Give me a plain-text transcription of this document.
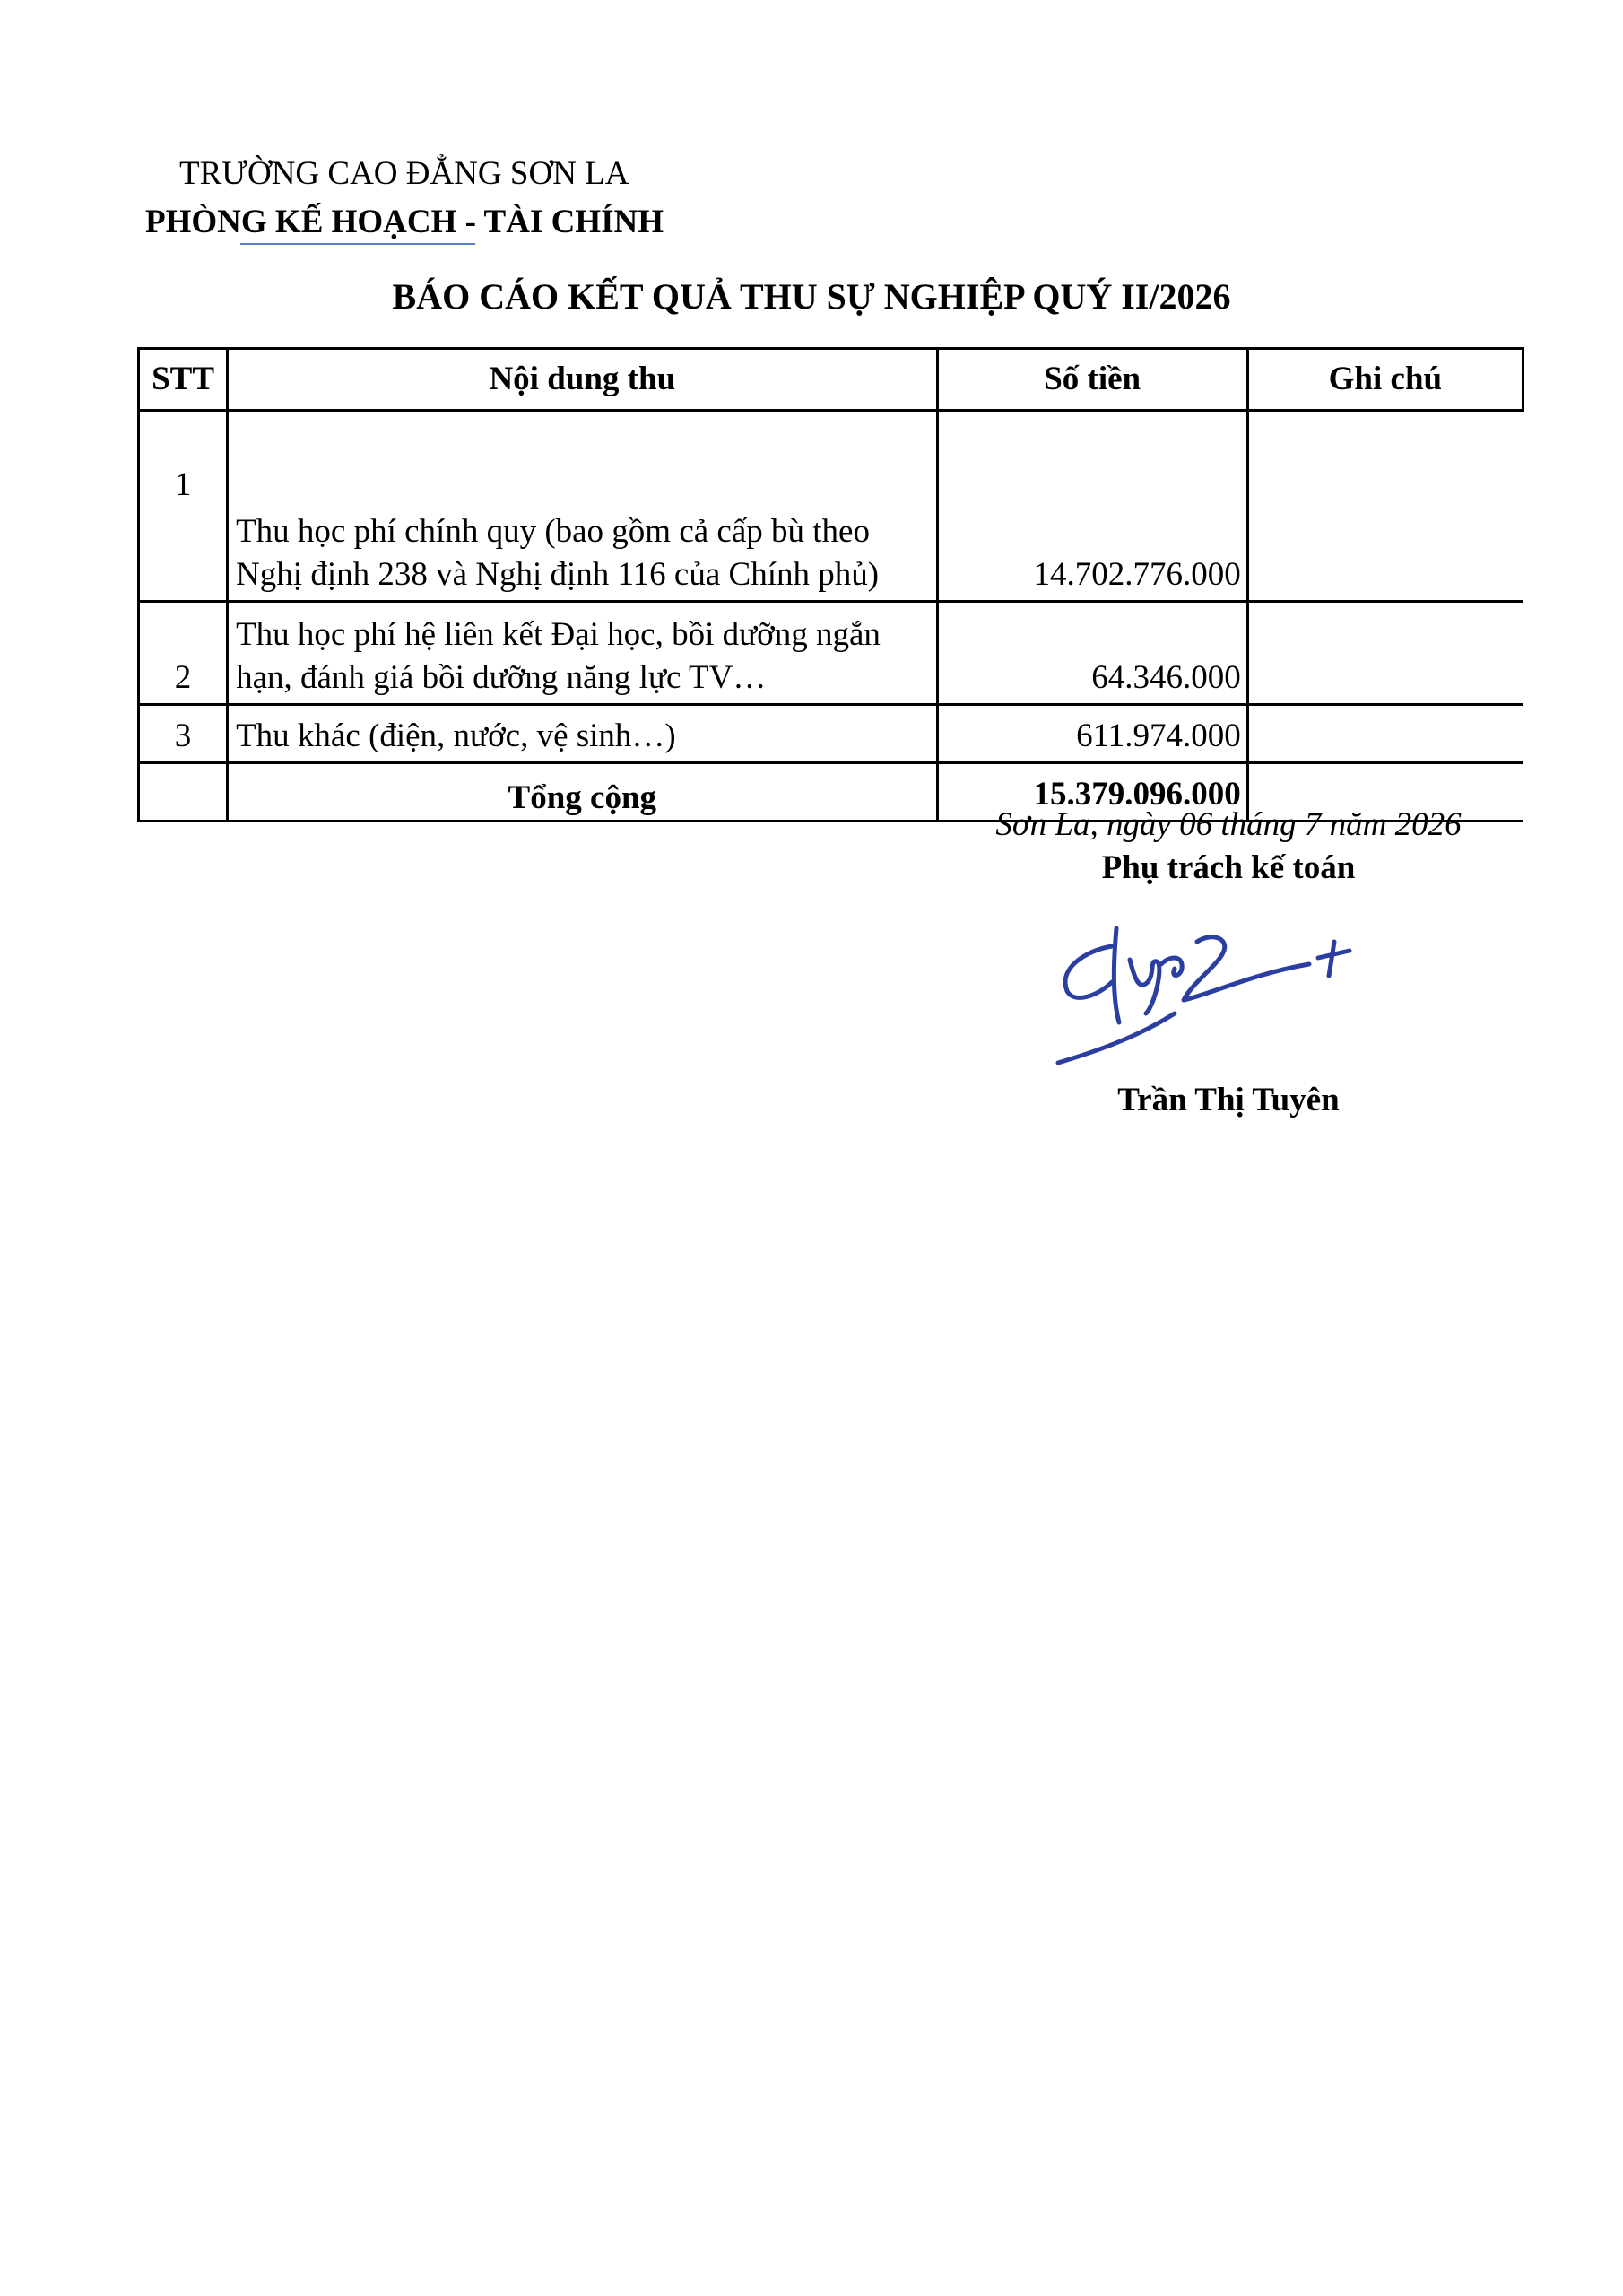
TRƯỜNG CAO ĐẲNG SƠN LA
PHÒNG KẾ HOẠCH - TÀI CHÍNH
BÁO CÁO KẾT QUẢ THU SỰ NGHIỆP QUÝ II/2026
STT	Nội dung thu	Số tiền	Ghi chú
1	Thu học phí chính quy (bao gồm cả cấp bù theo
Nghị định 238 và Nghị định 116 của Chính phủ)	14.702.776.000	
2	Thu học phí hệ liên kết Đại học, bồi dưỡng ngắn
hạn, đánh giá bồi dưỡng năng lực TV…	64.346.000	
3	Thu khác (điện, nước, vệ sinh…)	611.974.000	
	Tổng cộng	15.379.096.000	
Sơn La, ngày 06 tháng 7 năm 2026
Phụ trách kế toán
Trần Thị Tuyên
